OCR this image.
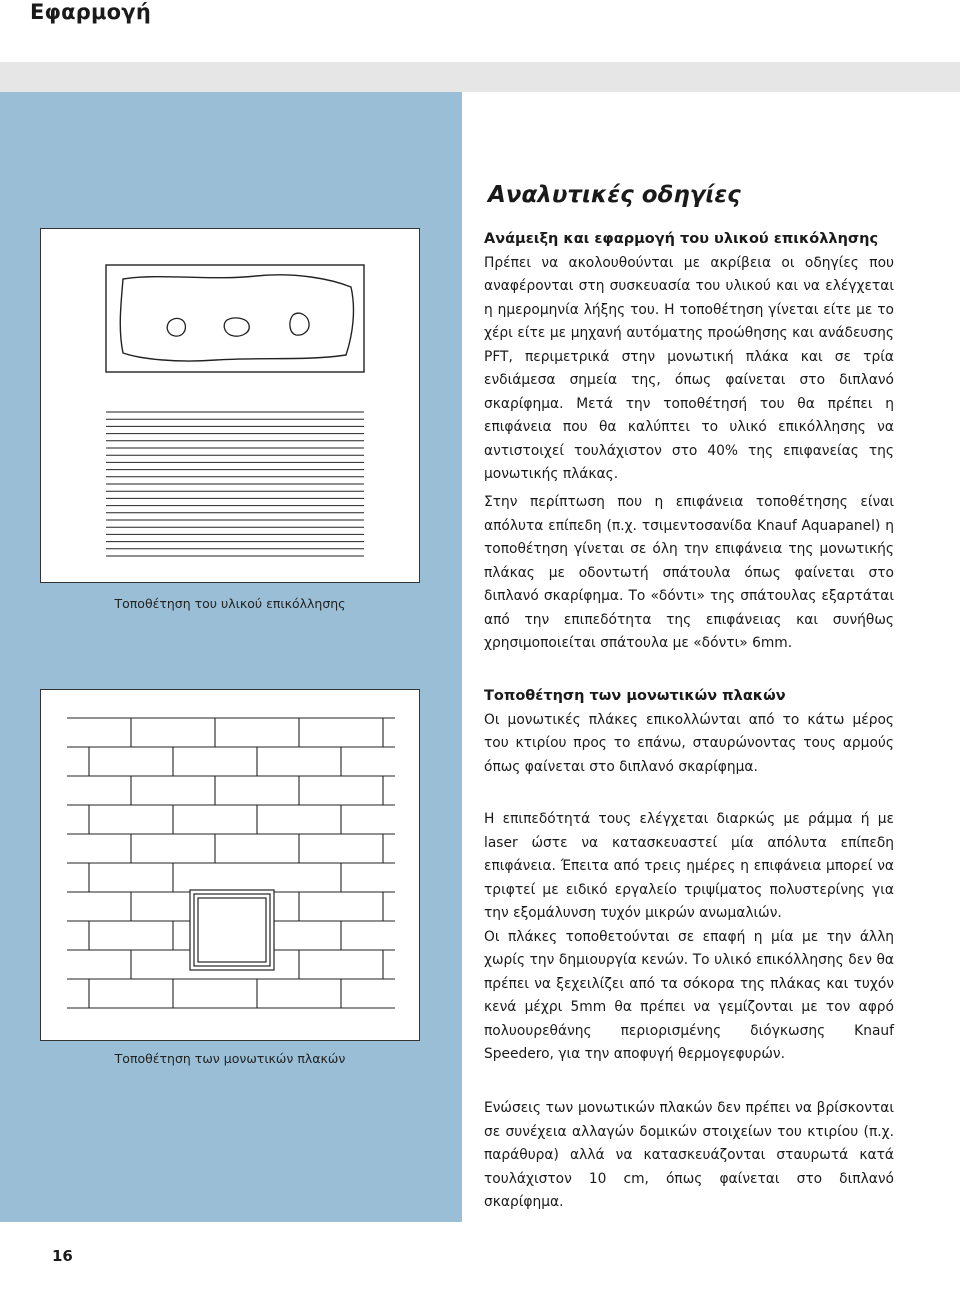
Εφαρμογή
Τοποθέτηση του υλικού επικόλλησης
Τοποθέτηση των μονωτικών πλακών
Αναλυτικές οδηγίες
Ανάμειξη και εφαρμογή του υλικού επικόλλησης

Πρέπει να ακολουθούνται με ακρίβεια οι οδηγίες που αναφέρονται στη συσκευασία του υλικού και να ελέγχεται η ημερομηνία λήξης του. Η τοποθέτηση γίνεται είτε με το χέρι είτε με μηχανή αυτόματης προώθησης και ανάδευσης PFT, περιμετρικά στην μονωτική πλάκα και σε τρία ενδιάμεσα σημεία της, όπως φαίνεται στο διπλανό σκαρίφημα. Μετά την τοποθέτησή του θα πρέπει η επιφάνεια που θα καλύπτει το υλικό επικόλλησης να αντιστοιχεί τουλάχιστον στο 40% της επιφανείας της μονωτικής πλάκας.

Στην περίπτωση που η επιφάνεια τοποθέτησης είναι απόλυτα επίπεδη (π.χ. τσιμεντοσανίδα Knauf Aquapanel) η τοποθέτηση γίνεται σε όλη την επιφάνεια της μονωτικής πλάκας με οδοντωτή σπάτουλα όπως φαίνεται στο διπλανό σκαρίφημα. Το «δόντι» της σπάτουλας εξαρτάται από την επιπεδότητα της επιφάνειας και συνήθως χρησιμοποιείται σπάτουλα με «δόντι» 6mm.

Τοποθέτηση των μονωτικών πλακών

Οι μονωτικές πλάκες επικολλώνται από το κάτω μέρος του κτιρίου προς το επάνω, σταυρώνοντας τους αρμούς όπως φαίνεται στο διπλανό σκαρίφημα.

Η επιπεδότητά τους ελέγχεται διαρκώς με ράμμα ή με laser ώστε να κατασκευαστεί μία απόλυτα επίπεδη επιφάνεια. Έπειτα από τρεις ημέρες η επιφάνεια μπορεί να τριφτεί με ειδικό εργαλείο τριψίματος πολυστερίνης για την εξομάλυνση τυχόν μικρών ανωμαλιών.

Οι πλάκες τοποθετούνται σε επαφή η μία με την άλλη χωρίς την δημιουργία κενών. Το υλικό επικόλλησης δεν θα πρέπει να ξεχειλίζει από τα σόκορα της πλάκας και τυχόν κενά μέχρι 5mm θα πρέπει να γεμίζονται με τον αφρό πολυουρεθάνης περιορισμένης διόγκωσης Knauf Speedero, για την αποφυγή θερμογεφυρών.

Ενώσεις των μονωτικών πλακών δεν πρέπει να βρίσκονται σε συνέχεια αλλαγών δομικών στοιχείων του κτιρίου (π.χ. παράθυρα) αλλά να κατασκευάζονται σταυρωτά κατά τουλάχιστον 10 cm, όπως φαίνεται στο διπλανό σκαρίφημα.

16
